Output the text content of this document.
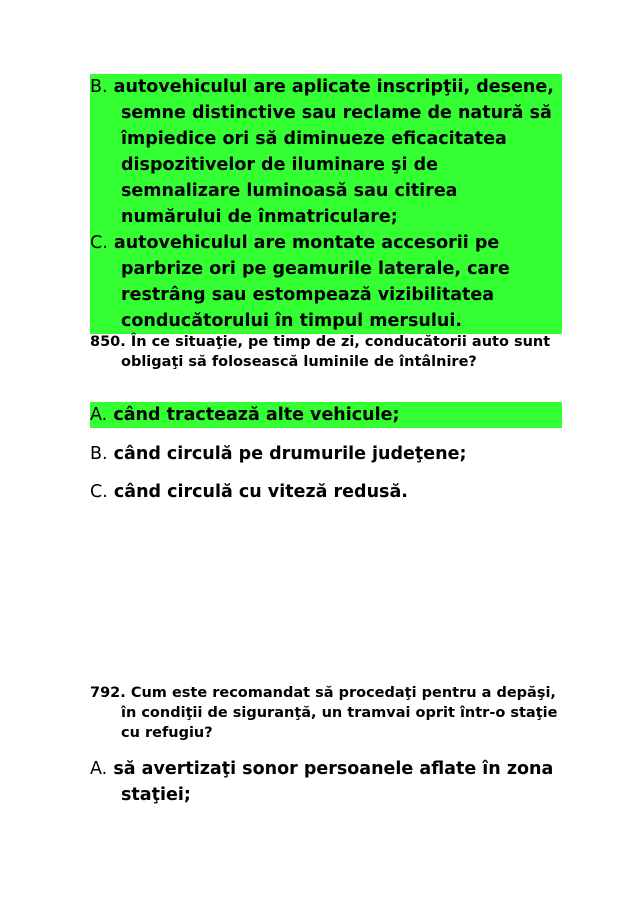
B. autovehiculul are aplicate inscripţii, desene, semne distinctive sau reclame de natură să împiedice ori să diminueze eficacitatea dispozitivelor de iluminare şi de semnalizare luminoasă sau citirea numărului de înmatriculare;
C. autovehiculul are montate accesorii pe parbrize ori pe geamurile laterale, care restrâng sau estompează vizibilitatea conducătorului în timpul mersului.
850. În ce situaţie, pe timp de zi, conducătorii auto sunt obligaţi să folosească luminile de întâlnire?
A. când tractează alte vehicule;
B. când circulă pe drumurile judeţene;
C. când circulă cu viteză redusă.
792. Cum este recomandat să procedaţi pentru a depăşi, în condiţii de siguranţă, un tramvai oprit într-o staţie cu refugiu?
A. să avertizaţi sonor persoanele aflate în zona staţiei;
